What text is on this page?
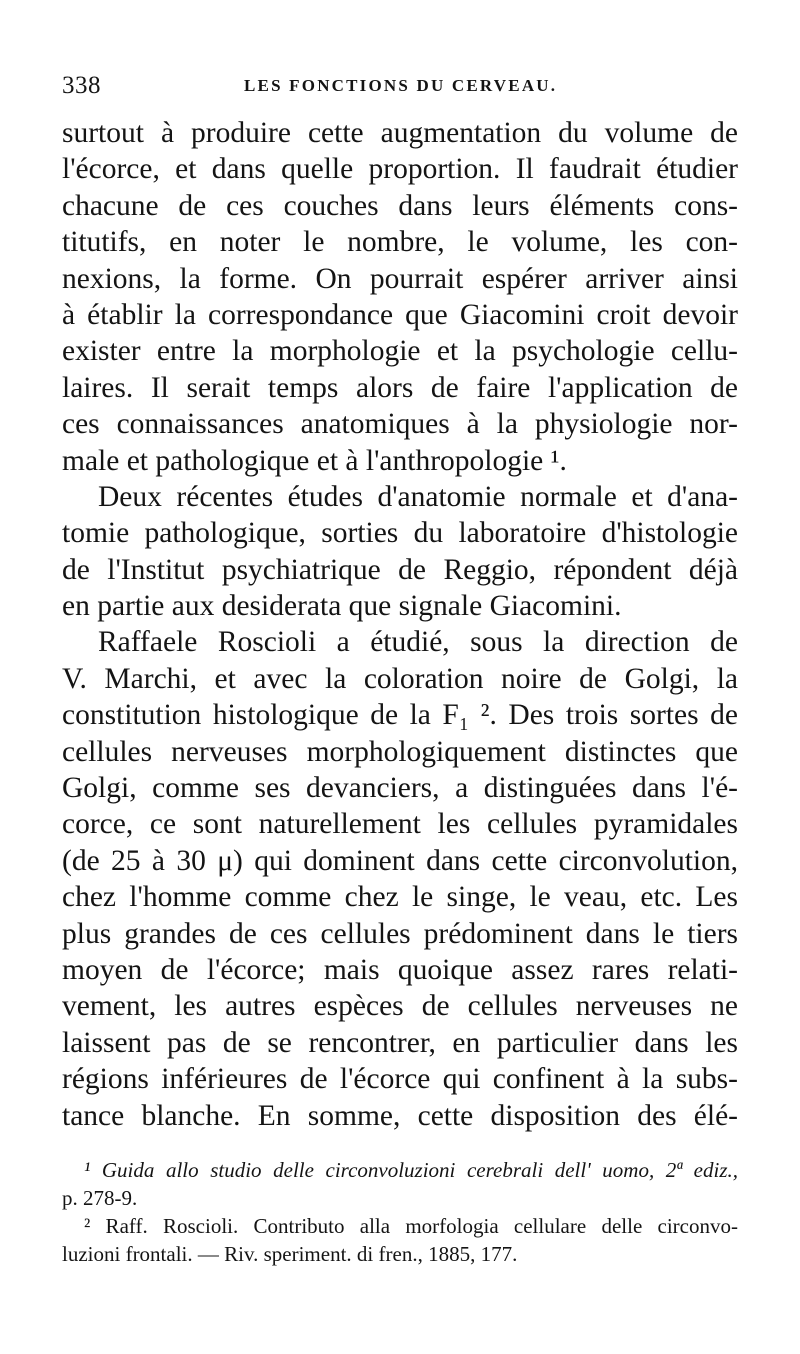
338	LES FONCTIONS DU CERVEAU.
surtout à produire cette augmentation du volume de
l'écorce, et dans quelle proportion. Il faudrait étudier
chacune de ces couches dans leurs éléments cons-
titutifs, en noter le nombre, le volume, les con-
nexions, la forme. On pourrait espérer arriver ainsi
à établir la correspondance que Giacomini croit devoir
exister entre la morphologie et la psychologie cellu-
laires. Il serait temps alors de faire l'application de
ces connaissances anatomiques à la physiologie nor-
male et pathologique et à l'anthropologie ¹.
Deux récentes études d'anatomie normale et d'ana-
tomie pathologique, sorties du laboratoire d'histologie
de l'Institut psychiatrique de Reggio, répondent déjà
en partie aux desiderata que signale Giacomini.
Raffaele Roscioli a étudié, sous la direction de
V. Marchi, et avec la coloration noire de Golgi, la
constitution histologique de la F₁ ². Des trois sortes de
cellules nerveuses morphologiquement distinctes que
Golgi, comme ses devanciers, a distinguées dans l'é-
corce, ce sont naturellement les cellules pyramidales
(de 25 à 30 μ) qui dominent dans cette circonvolution,
chez l'homme comme chez le singe, le veau, etc. Les
plus grandes de ces cellules prédominent dans le tiers
moyen de l'écorce; mais quoique assez rares relati-
vement, les autres espèces de cellules nerveuses ne
laissent pas de se rencontrer, en particulier dans les
régions inférieures de l'écorce qui confinent à la subs-
tance blanche. En somme, cette disposition des élé-
¹ Guida allo studio delle circonvoluzioni cerebrali dell' uomo, 2ª ediz.,
p. 278-9.
² Raff. Roscioli. Contributo alla morfologia cellulare delle circonvo-
luzioni frontali. — Riv. speriment. di fren., 1885, 177.
